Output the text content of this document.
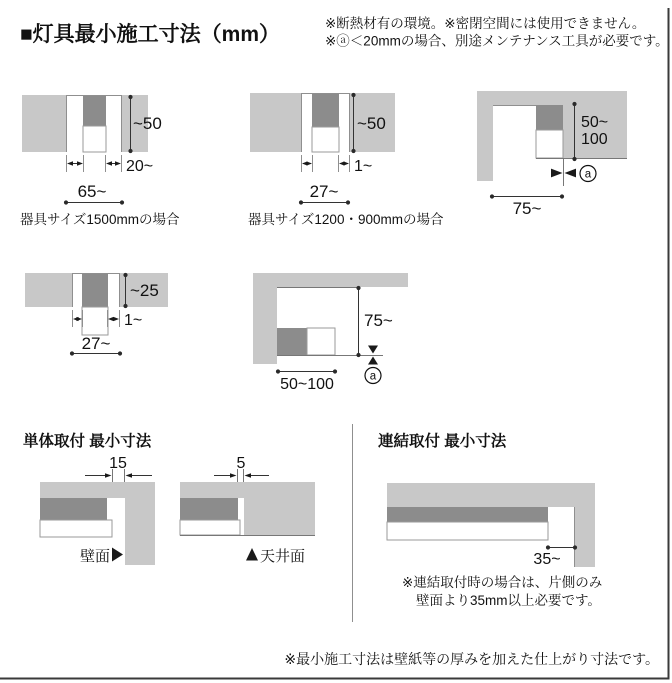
■灯具最小施工寸法（mm）	※断熱材有の環境。※密閉空間には使用できません。
※ⓐ＜20mmの場合、別途メンテナンス工具が必要です。
~50
20~
65~
器具サイズ1500mmの場合
~50
1~
27~
器具サイズ1200・900mmの場合
50~
100
a
75~
~25
1~
27~
75~
a
50~100
単体取付 最小寸法
15
壁面
5
天井面
連結取付 最小寸法
35~
※連結取付時の場合は、片側のみ
壁面より35mm以上必要です。
※最小施工寸法は壁紙等の厚みを加えた仕上がり寸法です。
